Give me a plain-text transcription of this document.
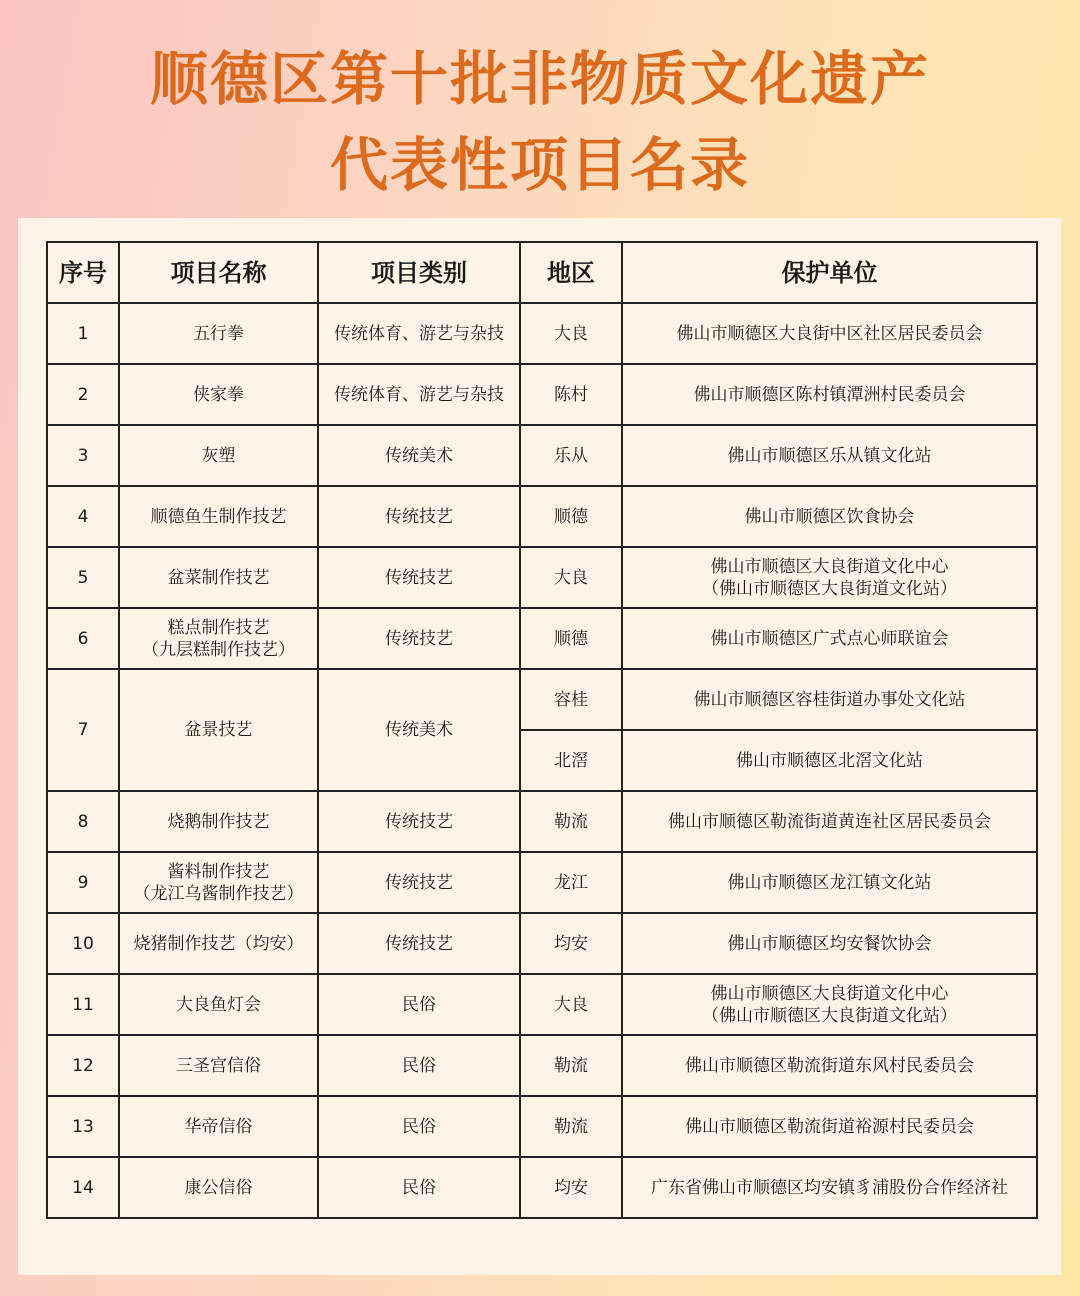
顺德区第十批非物质文化遗产
代表性项目名录
序号	项目名称	项目类别	地区	保护单位
1	五行拳	传统体育、游艺与杂技	大良	佛山市顺德区大良街中区社区居民委员会
2	侠家拳	传统体育、游艺与杂技	陈村	佛山市顺德区陈村镇潭洲村民委员会
3	灰塑	传统美术	乐从	佛山市顺德区乐从镇文化站
4	顺德鱼生制作技艺	传统技艺	顺德	佛山市顺德区饮食协会
5	盆菜制作技艺	传统技艺	大良	佛山市顺德区大良街道文化中心
（佛山市顺德区大良街道文化站）

6	糕点制作技艺
（九层糕制作技艺）	传统技艺	顺德	佛山市顺德区广式点心师联谊会
7	盆景技艺	传统美术	容桂	佛山市顺德区容桂街道办事处文化站
			北滘	佛山市顺德区北滘文化站
8	烧鹅制作技艺	传统技艺	勒流	佛山市顺德区勒流街道黄连社区居民委员会
9	酱料制作技艺
（龙江乌酱制作技艺）	传统技艺	龙江	佛山市顺德区龙江镇文化站
10	烧猪制作技艺（均安）	传统技艺	均安	佛山市顺德区均安餐饮协会
11	大良鱼灯会	民俗	大良	佛山市顺德区大良街道文化中心
（佛山市顺德区大良街道文化站）

12	三圣宫信俗	民俗	勒流	佛山市顺德区勒流街道东风村民委员会
13	华帝信俗	民俗	勒流	佛山市顺德区勒流街道裕源村民委员会
14	康公信俗	民俗	均安	广东省佛山市顺德区均安镇豸浦股份合作经济社
